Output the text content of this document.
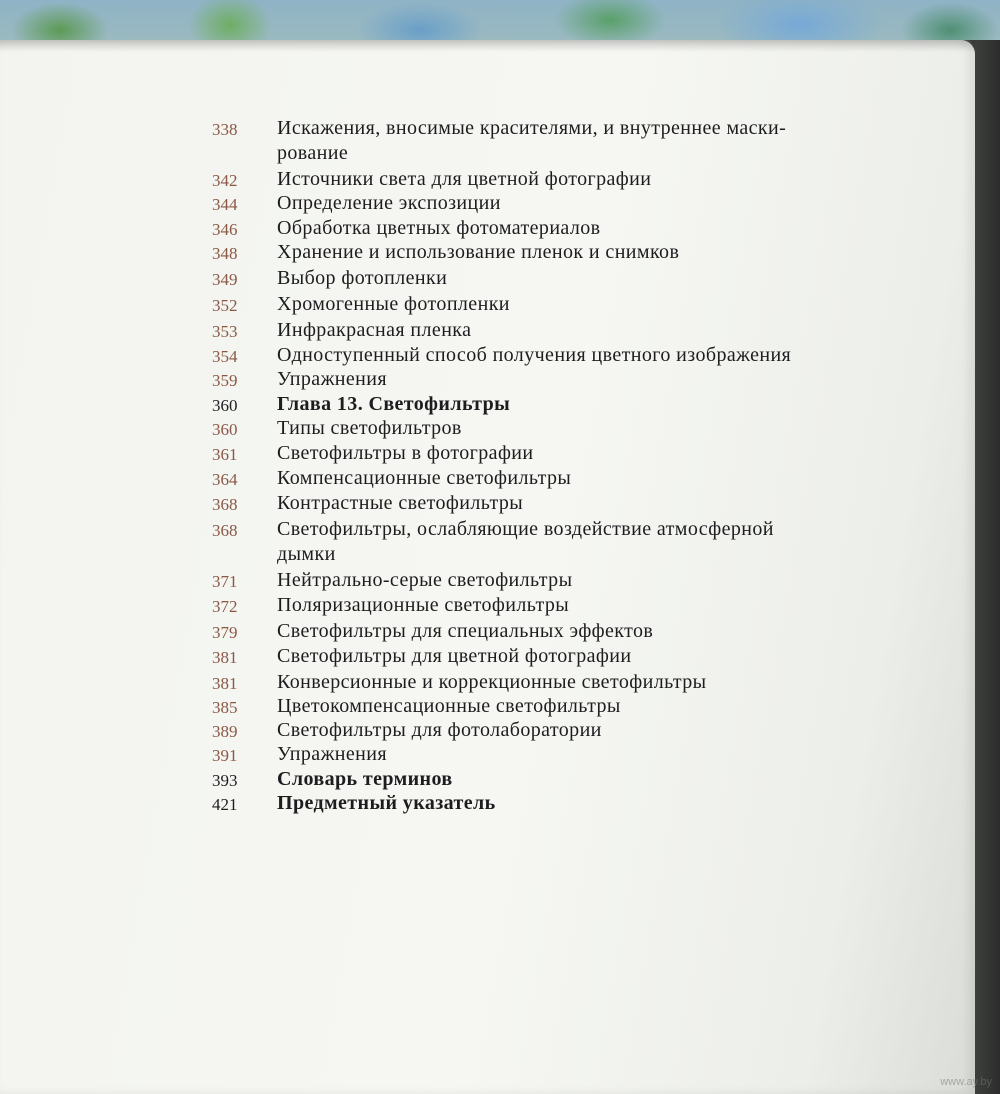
338	Искажения, вносимые красителями, и внутреннее маски-
рование
342	Источники света для цветной фотографии
344	Определение экспозиции
346	Обработка цветных фотоматериалов
348	Хранение и использование пленок и снимков
349	Выбор фотопленки
352	Хромогенные фотопленки
353	Инфракрасная пленка
354	Одноступенный способ получения цветного изображения
359	Упражнения
360	Глава 13. Светофильтры
360	Типы светофильтров
361	Светофильтры в фотографии
364	Компенсационные светофильтры
368	Контрастные светофильтры
368	Светофильтры, ослабляющие воздействие атмосферной
дымки
371	Нейтрально-серые светофильтры
372	Поляризационные светофильтры
379	Светофильтры для специальных эффектов
381	Светофильтры для цветной фотографии
381	Конверсионные и коррекционные светофильтры
385	Цветокомпенсационные светофильтры
389	Светофильтры для фотолаборатории
391	Упражнения
393	Словарь терминов
421	Предметный указатель
www.ay.by
